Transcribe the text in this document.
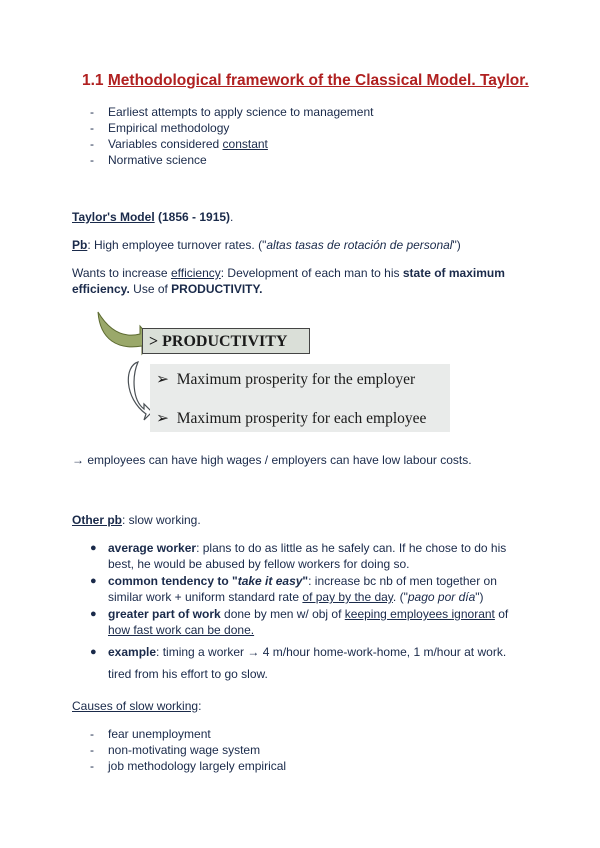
1.1 Methodological framework of the Classical Model. Taylor.
- Earliest attempts to apply science to management
- Empirical methodology
- Variables considered constant
- Normative science
Taylor's Model (1856 - 1915).
Pb: High employee turnover rates. ("altas tasas de rotación de personal")
Wants to increase efficiency: Development of each man to his state of maximum
efficiency. Use of PRODUCTIVITY.
> PRODUCTIVITY
➢ Maximum prosperity for the employer
➢ Maximum prosperity for each employee
→ employees can have high wages / employers can have low labour costs.
Other pb: slow working.
● average worker: plans to do as little as he safely can. If he chose to do his
best, he would be abused by fellow workers for doing so.
● common tendency to "take it easy": increase bc nb of men together on
similar work + uniform standard rate of pay by the day. ("pago por día")
● greater part of work done by men w/ obj of keeping employees ignorant of
how fast work can be done.
● example: timing a worker → 4 m/hour home-work-home, 1 m/hour at work.
tired from his effort to go slow.
Causes of slow working:
- fear unemployment
- non-motivating wage system
- job methodology largely empirical
